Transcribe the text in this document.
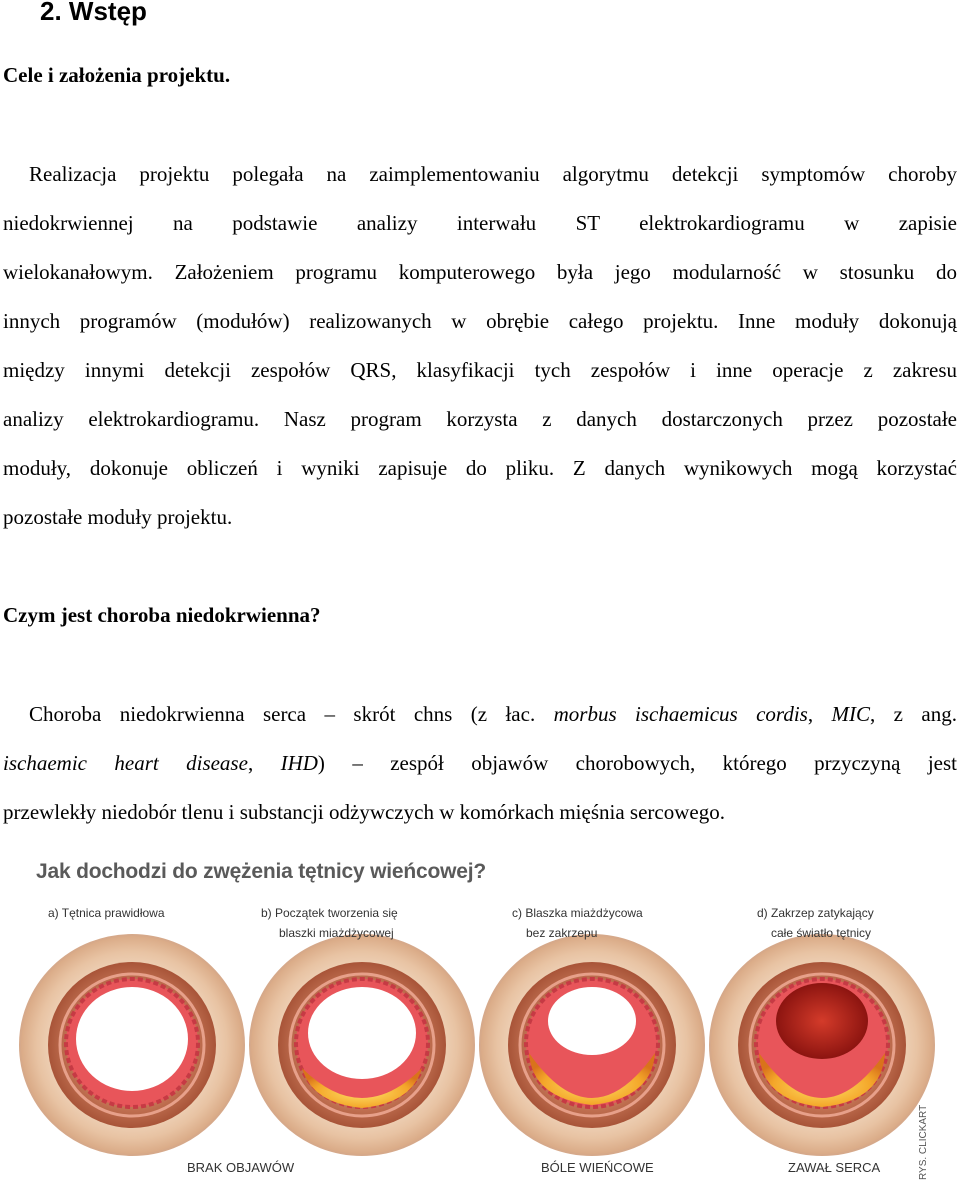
2. Wstęp
Cele i założenia projektu.
Realizacja projektu polegała na zaimplementowaniu algorytmu detekcji symptomów choroby
niedokrwiennej na podstawie analizy interwału ST elektrokardiogramu w zapisie
wielokanałowym. Założeniem programu komputerowego była jego modularność w stosunku do
innych programów (modułów) realizowanych w obrębie całego projektu. Inne moduły dokonują
między innymi detekcji zespołów QRS, klasyfikacji tych zespołów i inne operacje z zakresu
analizy elektrokardiogramu. Nasz program korzysta z danych dostarczonych przez pozostałe
moduły, dokonuje obliczeń i wyniki zapisuje do pliku. Z danych wynikowych mogą korzystać
pozostałe moduły projektu.
Czym jest choroba niedokrwienna?
Choroba niedokrwienna serca – skrót chns (z łac. morbus ischaemicus cordis, MIC, z ang.
ischaemic heart disease, IHD) – zespół objawów chorobowych, którego przyczyną jest
przewlekły niedobór tlenu i substancji odżywczych w komórkach mięśnia sercowego.
Jak dochodzi do zwężenia tętnicy wieńcowej?
a) Tętnica prawidłowa	b) Początek tworzenia się
blaszki miażdżycowej
c) Blaszka miażdżycowa
bez zakrzepu
d) Zakrzep zatykający
całe światło tętnicy
BRAK OBJAWÓW	BÓLE WIEŃCOWE	ZAWAŁ SERCA	RYS. CLICKART
